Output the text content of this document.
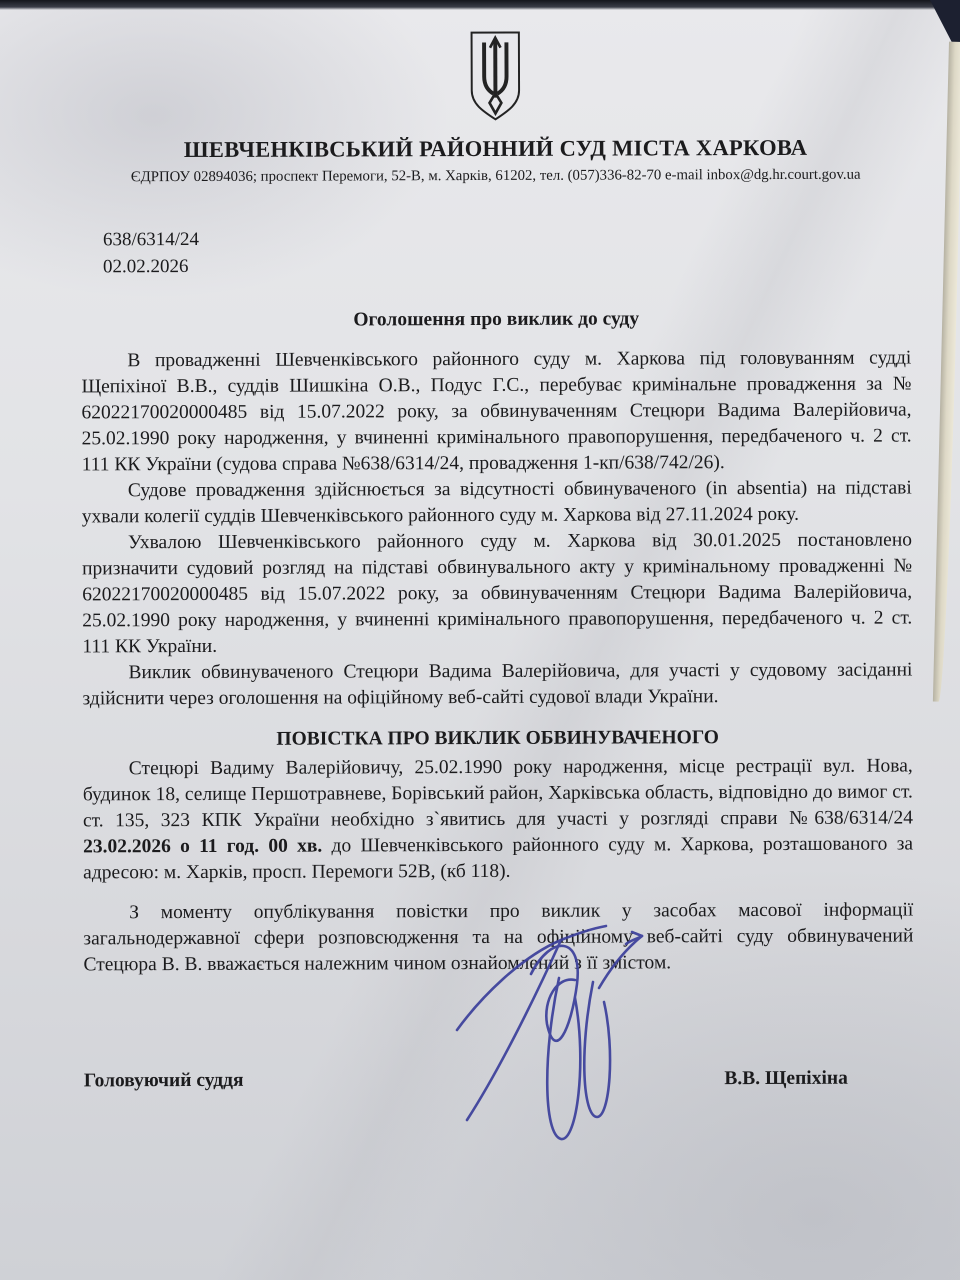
ШЕВЧЕНКІВСЬКИЙ РАЙОННИЙ СУД МІСТА ХАРКОВА
ЄДРПОУ 02894036; проспект Перемоги, 52-В, м. Харків, 61202, тел. (057)336-82-70 e-mail inbox@dg.hr.court.gov.ua
638/6314/24
02.02.2026
Оголошення про виклик до суду

В провадженні Шевченківського районного суду м. Харкова під головуванням судді Щепіхіної В.В., суддів Шишкіна О.В., Подус Г.С., перебуває кримінальне провадження за № 62022170020000485 від 15.07.2022 року, за обвинуваченням Стецюри Вадима Валерійовича, 25.02.1990 року народження, у вчиненні кримінального правопорушення, передбаченого ч. 2 ст. 111 КК України (судова справа №638/6314/24, провадження 1-кп/638/742/26).

Судове провадження здійснюється за відсутності обвинуваченого (in absentia) на підставі ухвали колегії суддів Шевченківського районного суду м. Харкова від 27.11.2024 року.

Ухвалою Шевченківського районного суду м. Харкова від 30.01.2025 постановлено призначити судовий розгляд на підставі обвинувального акту у кримінальному провадженні № 62022170020000485 від 15.07.2022 року, за обвинуваченням Стецюри Вадима Валерійовича, 25.02.1990 року народження, у вчиненні кримінального правопорушення, передбаченого ч. 2 ст. 111 КК України.

Виклик обвинуваченого Стецюри Вадима Валерійовича, для участі у судовому засіданні здійснити через оголошення на офіційному веб-сайті судової влади України.

ПОВІСТКА ПРО ВИКЛИК ОБВИНУВАЧЕНОГО

Стецюрі Вадиму Валерійовичу, 25.02.1990 року народження, місце рестрації вул. Нова, будинок 18, селище Першотравневе, Борівський район, Харківська область, відповідно до вимог ст. ст. 135, 323 КПК України необхідно з`явитись для участі у розгляді справи №638/6314/24 23.02.2026 о 11 год. 00 хв. до Шевченківського районного суду м. Харкова, розташованого за адресою: м. Харків, просп. Перемоги 52В, (кб 118).

З моменту опублікування повістки про виклик у засобах масової інформації загальнодержавної сфери розповсюдження та на офіційному веб-сайті суду обвинувачений Стецюра В. В. вважається належним чином ознайомлений з її змістом.

Головуючий суддя	В.В. Щепіхіна
